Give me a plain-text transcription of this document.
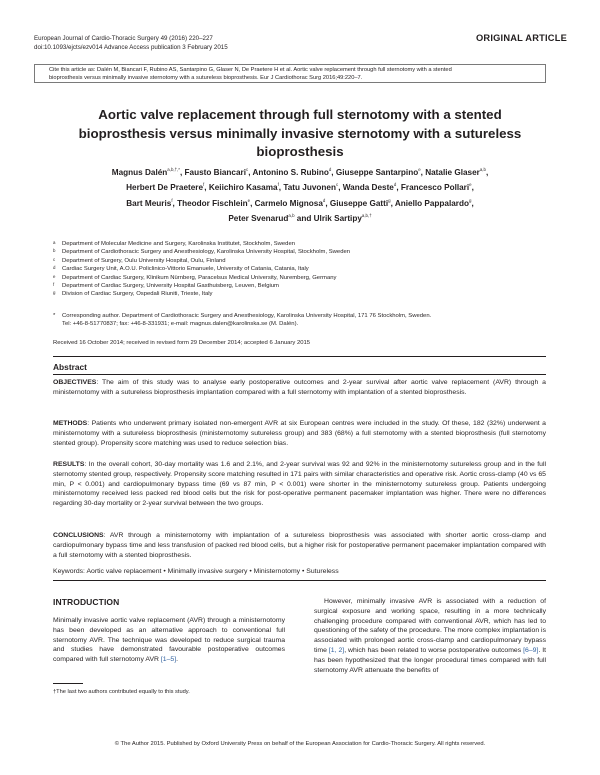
European Journal of Cardio-Thoracic Surgery 49 (2016) 220–227
doi:10.1093/ejcts/ezv014 Advance Access publication 3 February 2015
ORIGINAL ARTICLE
Cite this article as: Dalén M, Biancari F, Rubino AS, Santarpino G, Glaser N, De Praetere H et al. Aortic valve replacement through full sternotomy with a stented
bioprosthesis versus minimally invasive sternotomy with a sutureless bioprosthesis. Eur J Cardiothorac Surg 2016;49:220–7.
Aortic valve replacement through full sternotomy with a stented
bioprosthesis versus minimally invasive sternotomy with a sutureless
bioprosthesis
Magnus Dalén$^{a,b,\dagger,*}$, Fausto Biancari$^c$, Antonino S. Rubino$^d$, Giuseppe Santarpino$^e$, Natalie Glaser$^{a,b}$,
Herbert De Praetere$^f$, Keiichiro Kasama$^f$, Tatu Juvonen$^c$, Wanda Deste$^d$, Francesco Pollari$^e$,
Bart Meuris$^f$, Theodor Fischlein$^e$, Carmelo Mignosa$^d$, Giuseppe Gatti$^g$, Aniello Pappalardo$^g$,
Peter Svenarud$^{a,b}$ and Ulrik Sartipy$^{a,b,\dagger}$
a Department of Molecular Medicine and Surgery, Karolinska Institutet, Stockholm, Sweden
b Department of Cardiothoracic Surgery and Anesthesiology, Karolinska University Hospital, Stockholm, Sweden
c Department of Surgery, Oulu University Hospital, Oulu, Finland
d Cardiac Surgery Unit, A.O.U. Policlinico-Vittorio Emanuele, University of Catania, Catania, Italy
e Department of Cardiac Surgery, Klinikum Nürnberg, Paracelsus Medical University, Nuremberg, Germany
f Department of Cardiac Surgery, University Hospital Gasthuisberg, Leuven, Belgium
g Division of Cardiac Surgery, Ospedali Riuniti, Trieste, Italy
*	Corresponding author. Department of Cardiothoracic Surgery and Anesthesiology, Karolinska University Hospital, 171 76 Stockholm, Sweden.
Tel: +46-8-51770837; fax: +46-8-331931; e-mail: magnus.dalen@karolinska.se (M. Dalén).
Received 16 October 2014; received in revised form 29 December 2014; accepted 6 January 2015
Abstract

OBJECTIVES: The aim of this study was to analyse early postoperative outcomes and 2-year survival after aortic valve replacement (AVR) through a ministernotomy with a sutureless bioprosthesis implantation compared with a full sternotomy with implantation of a stented bioprosthesis.

METHODS: Patients who underwent primary isolated non-emergent AVR at six European centres were included in the study. Of these, 182 (32%) underwent a ministernotomy with a sutureless bioprosthesis (ministernotomy sutureless group) and 383 (68%) a full sternotomy with a stented bioprosthesis (full sternotomy stented group). Propensity score matching was used to reduce selection bias.

RESULTS: In the overall cohort, 30-day mortality was 1.6 and 2.1%, and 2-year survival was 92 and 92% in the ministernotomy sutureless group and in the full sternotomy stented group, respectively. Propensity score matching resulted in 171 pairs with similar characteristics and operative risk. Aortic cross-clamp (40 vs 65 min, P < 0.001) and cardiopulmonary bypass time (69 vs 87 min, P < 0.001) were shorter in the ministernotomy sutureless group. Patients undergoing ministernotomy received less packed red blood cells but the risk for post-operative permanent pacemaker implantation was higher. There were no differences regarding 30-day mortality or 2-year survival between the two groups.

CONCLUSIONS: AVR through a ministernotomy with implantation of a sutureless bioprosthesis was associated with shorter aortic cross-clamp and cardiopulmonary bypass time and less transfusion of packed red blood cells, but a higher risk for postoperative permanent pacemaker implantation compared with a full sternotomy with a stented bioprosthesis.

Keywords: Aortic valve replacement • Minimally invasive surgery • Ministernotomy • Sutureless
INTRODUCTION

Minimally invasive aortic valve replacement (AVR) through a ministernotomy has been developed as an alternative approach to conventional full sternotomy AVR. The technique was developed to reduce surgical trauma and studies have demonstrated favourable postoperative outcomes compared with full sternotomy AVR [1–5].

However, minimally invasive AVR is associated with a reduction of surgical exposure and working space, resulting in a more technically challenging procedure compared with conventional AVR, which has led to questioning of the safety of the procedure. The more complex implantation is associated with prolonged aortic cross-clamp and cardiopulmonary bypass time [1, 2], which has been related to worse postoperative outcomes [6–9]. It has been hypothesized that the longer procedural times compared with full sternotomy AVR attenuate the benefits of

†The last two authors contributed equally to this study.
© The Author 2015. Published by Oxford University Press on behalf of the European Association for Cardio-Thoracic Surgery. All rights reserved.
